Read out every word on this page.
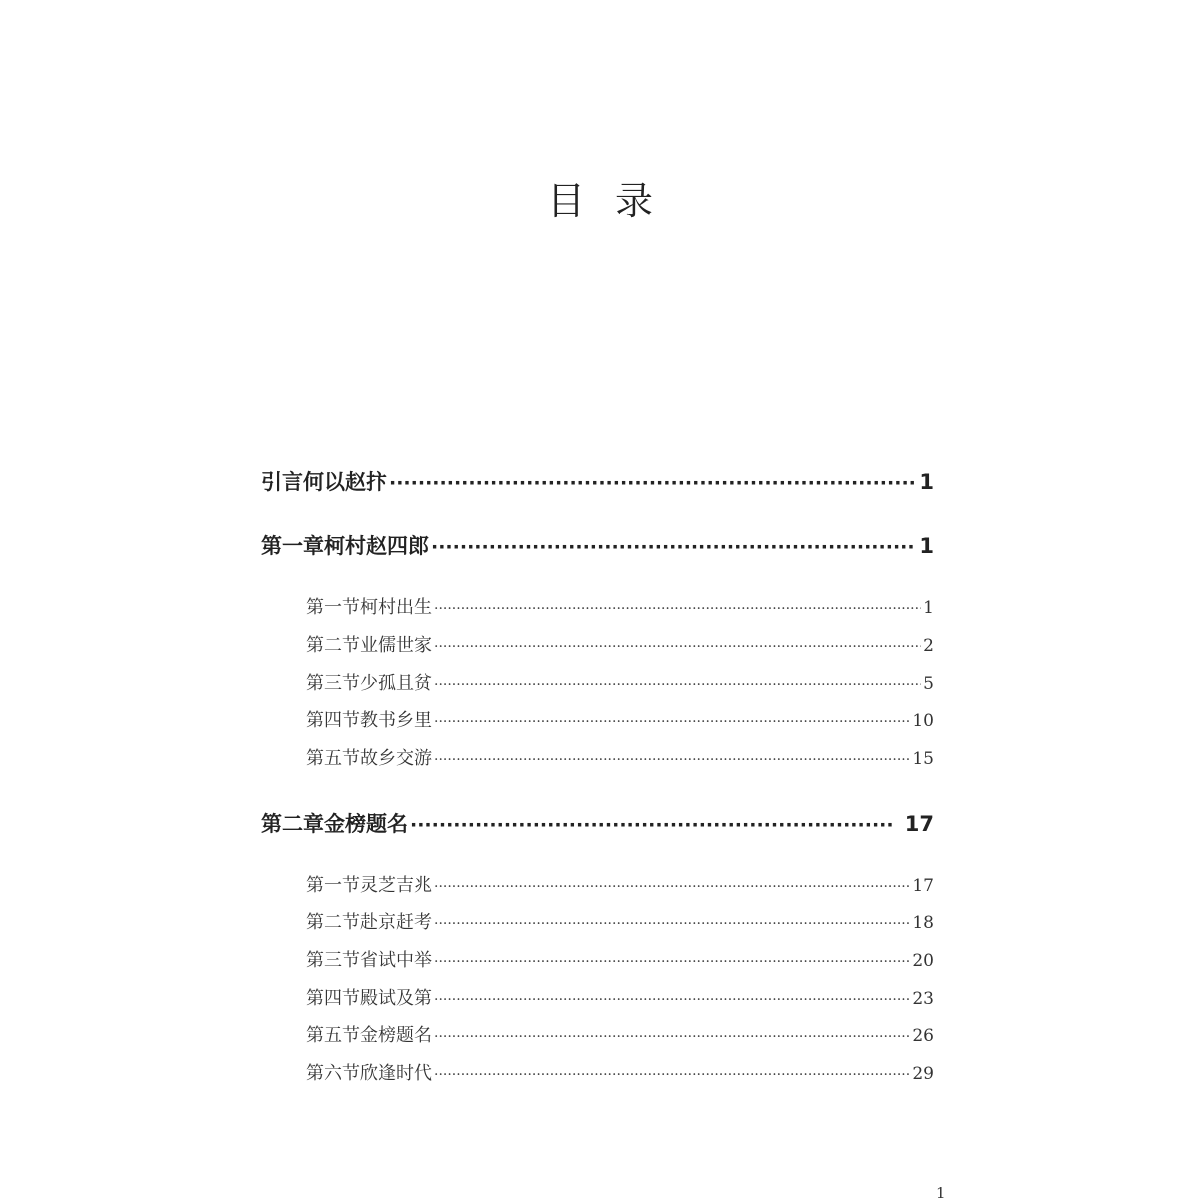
目 录
引言 何以赵抃 ·····	1
第一章 柯村赵四郎 ·····	1
第一节 柯村出生 ·····	1
第二节 业儒世家 ·····	2
第三节 少孤且贫 ·····	5
第四节 教书乡里 ·····	10
第五节 故乡交游 ·····	15
第二章 金榜题名 ·····	17
第一节 灵芝吉兆 ·····	17
第二节 赴京赶考 ·····	18
第三节 省试中举 ·····	20
第四节 殿试及第 ·····	23
第五节 金榜题名 ·····	26
第六节 欣逢时代 ·····	29
1
